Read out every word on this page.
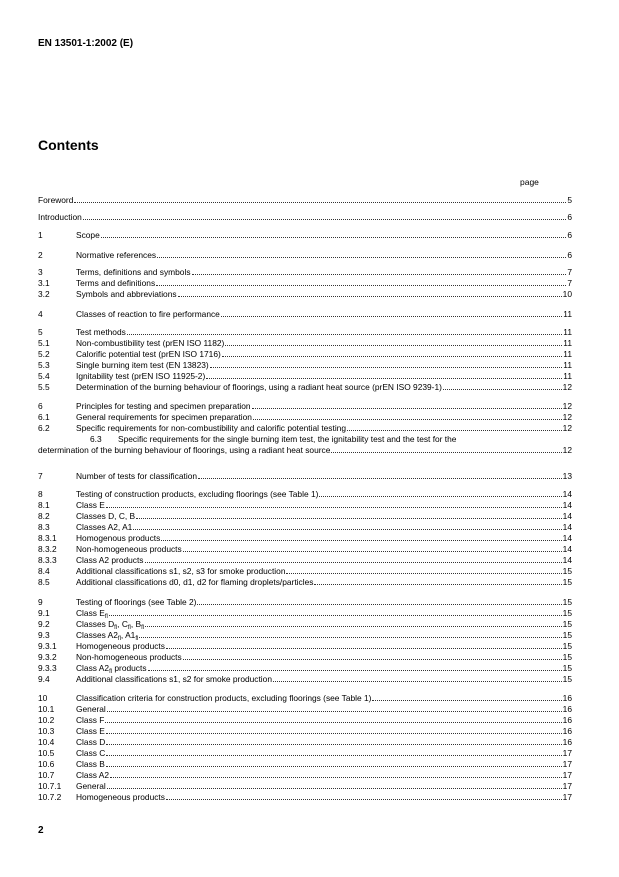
EN 13501-1:2002 (E)
Contents
page
Foreword	5
Introduction	6
1	Scope	6
2	Normative references	6
3	Terms, definitions and symbols	7
3.1	Terms and definitions	7
3.2	Symbols and abbreviations	10
4	Classes of reaction to fire performance	11
5	Test methods	11
5.1	Non-combustibility test (prEN ISO 1182)	11
5.2	Calorific potential test (prEN ISO 1716)	11
5.3	Single burning item test (EN 13823)	11
5.4	Ignitability test (prEN ISO 11925-2)	11
5.5	Determination of the burning behaviour of floorings, using a radiant heat source (prEN ISO 9239-1)	12
6	Principles for testing and specimen preparation	12
6.1	General requirements for specimen preparation	12
6.2	Specific requirements for non-combustibility and calorific potential testing	12
6.3 Specific requirements for the single burning item test, the ignitability test and the test for the
determination of the burning behaviour of floorings, using a radiant heat source	12
7	Number of tests for classification	13
8	Testing of construction products, excluding floorings (see Table 1)	14
8.1	Class E	14
8.2	Classes D, C, B	14
8.3	Classes A2, A1	14
8.3.1	Homogenous products	14
8.3.2	Non-homogeneous products	14
8.3.3	Class A2 products	14
8.4	Additional classifications s1, s2, s3 for smoke production	15
8.5	Additional classifications d0, d1, d2 for flaming droplets/particles	15
9	Testing of floorings (see Table 2)	15
9.1	Class $E_{fl}$	15
9.2	Classes $D_{fl}$, $C_{fl}$, $B_{fl}$	15
9.3	Classes $A2_{fl}$, $A1_{fl}$	15
9.3.1	Homogeneous products	15
9.3.2	Non-homogeneous products	15
9.3.3	Class $A2_{fl}$ products	15
9.4	Additional classifications s1, s2 for smoke production	15
10	Classification criteria for construction products, excluding floorings (see Table 1)	16
10.1	General	16
10.2	Class F	16
10.3	Class E	16
10.4	Class D	16
10.5	Class C	17
10.6	Class B	17
10.7	Class A2	17
10.7.1	General	17
10.7.2	Homogeneous products	17
2
